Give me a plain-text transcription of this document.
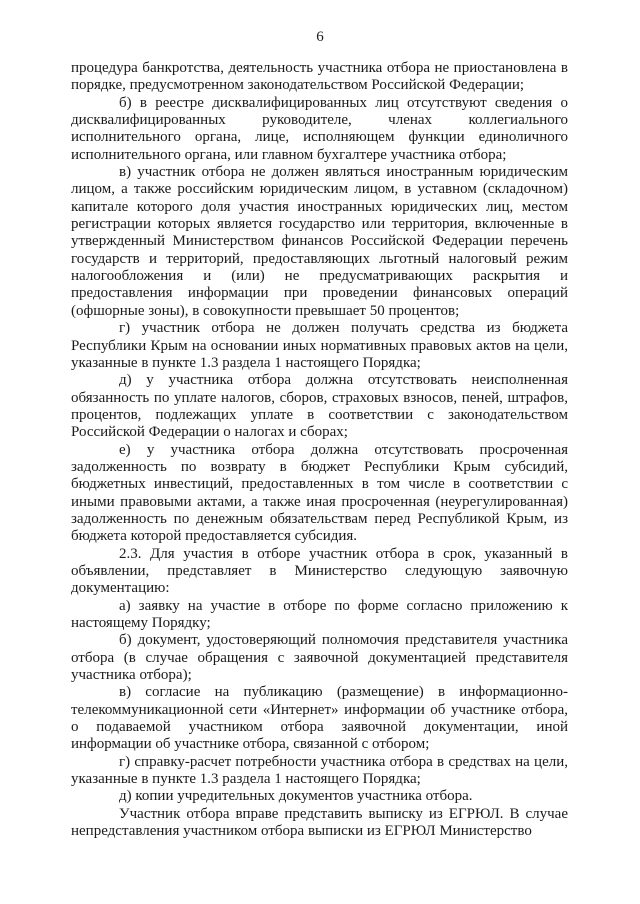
6

процедура банкротства, деятельность участника отбора не приостановлена в порядке, предусмотренном законодательством Российской Федерации;

б) в реестре дисквалифицированных лиц отсутствуют сведения о дисквалифицированных руководителе, членах коллегиального исполнительного органа, лице, исполняющем функции единоличного исполнительного органа, или главном бухгалтере участника отбора;

в) участник отбора не должен являться иностранным юридическим лицом, а также российским юридическим лицом, в уставном (складочном) капитале которого доля участия иностранных юридических лиц, местом регистрации которых является государство или территория, включенные в утвержденный Министерством финансов Российской Федерации перечень государств и территорий, предоставляющих льготный налоговый режим налогообложения и (или) не предусматривающих раскрытия и предоставления информации при проведении финансовых операций (офшорные зоны), в совокупности превышает 50 процентов;

г) участник отбора не должен получать средства из бюджета Республики Крым на основании иных нормативных правовых актов на цели, указанные в пункте 1.3 раздела 1 настоящего Порядка;

д) у участника отбора должна отсутствовать неисполненная обязанность по уплате налогов, сборов, страховых взносов, пеней, штрафов, процентов, подлежащих уплате в соответствии с законодательством Российской Федерации о налогах и сборах;

е) у участника отбора должна отсутствовать просроченная задолженность по возврату в бюджет Республики Крым субсидий, бюджетных инвестиций, предоставленных в том числе в соответствии с иными правовыми актами, а также иная просроченная (неурегулированная) задолженность по денежным обязательствам перед Республикой Крым, из бюджета которой предоставляется субсидия.

2.3. Для участия в отборе участник отбора в срок, указанный в объявлении, представляет в Министерство следующую заявочную документацию:

а) заявку на участие в отборе по форме согласно приложению к настоящему Порядку;

б) документ, удостоверяющий полномочия представителя участника отбора (в случае обращения с заявочной документацией представителя участника отбора);

в) согласие на публикацию (размещение) в информационно-телекоммуникационной сети «Интернет» информации об участнике отбора, о подаваемой участником отбора заявочной документации, иной информации об участнике отбора, связанной с отбором;

г) справку-расчет потребности участника отбора в средствах на цели, указанные в пункте 1.3 раздела 1 настоящего Порядка;

д) копии учредительных документов участника отбора.

Участник отбора вправе представить выписку из ЕГРЮЛ. В случае непредставления участником отбора выписки из ЕГРЮЛ Министерство
